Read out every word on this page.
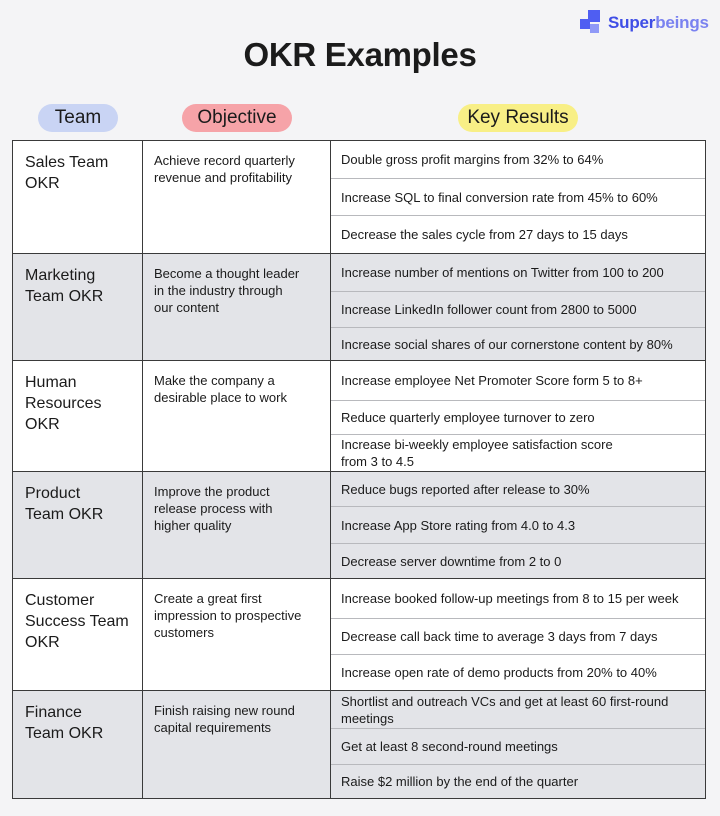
Superbeings
OKR Examples
Team	Objective	Key Results
Sales Team
OKR
Achieve record quarterly
revenue and profitability
Double gross profit margins from 32% to 64%
Increase SQL to final conversion rate from 45% to 60%
Decrease the sales cycle from 27 days to 15 days
Marketing
Team OKR
Become a thought leader
in the industry through
our content
Increase number of mentions on Twitter from 100 to 200
Increase LinkedIn follower count from 2800 to 5000
Increase social shares of our cornerstone content by 80%
Human
Resources
OKR
Make the company a
desirable place to work
Increase employee Net Promoter Score form 5 to 8+
Reduce quarterly employee turnover to zero
Increase bi-weekly employee satisfaction score
from 3 to 4.5
Product
Team OKR
Improve the product
release process with
higher quality
Reduce bugs reported after release to 30%
Increase App Store rating from 4.0 to 4.3
Decrease server downtime from 2 to 0
Customer
Success Team
OKR
Create a great first
impression to prospective
customers
Increase booked follow-up meetings from 8 to 15 per week
Decrease call back time to average 3 days from 7 days
Increase open rate of demo products from 20% to 40%
Finance
Team OKR
Finish raising new round
capital requirements
Shortlist and outreach VCs and get at least 60 first-round
meetings
Get at least 8 second-round meetings
Raise $2 million by the end of the quarter
